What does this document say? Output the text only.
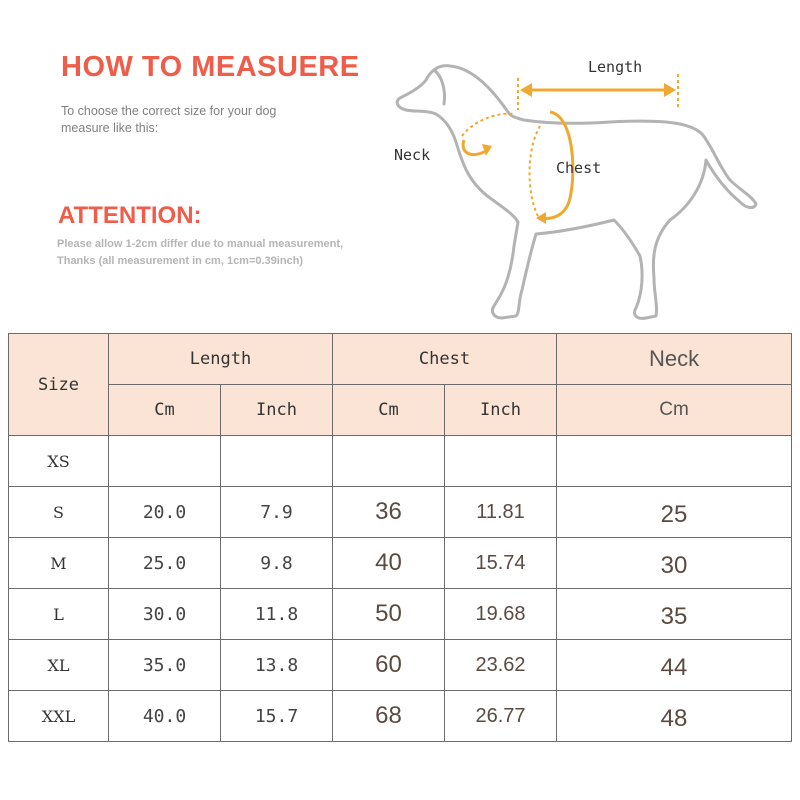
HOW TO MEASUERE
To choose the correct size for your dog
measure like this:
ATTENTION:
Please allow 1-2cm differ due to manual measurement,
Thanks (all measurement in cm, 1cm=0.39inch)
Length
Neck
Chest
Size	Length		Chest		Neck
	Cm	Inch	Cm	Inch	Cm
XS					
S	20.0	7.9	36	11.81	25
M	25.0	9.8	40	15.74	30
L	30.0	11.8	50	19.68	35
XL	35.0	13.8	60	23.62	44
XXL	40.0	15.7	68	26.77	48
